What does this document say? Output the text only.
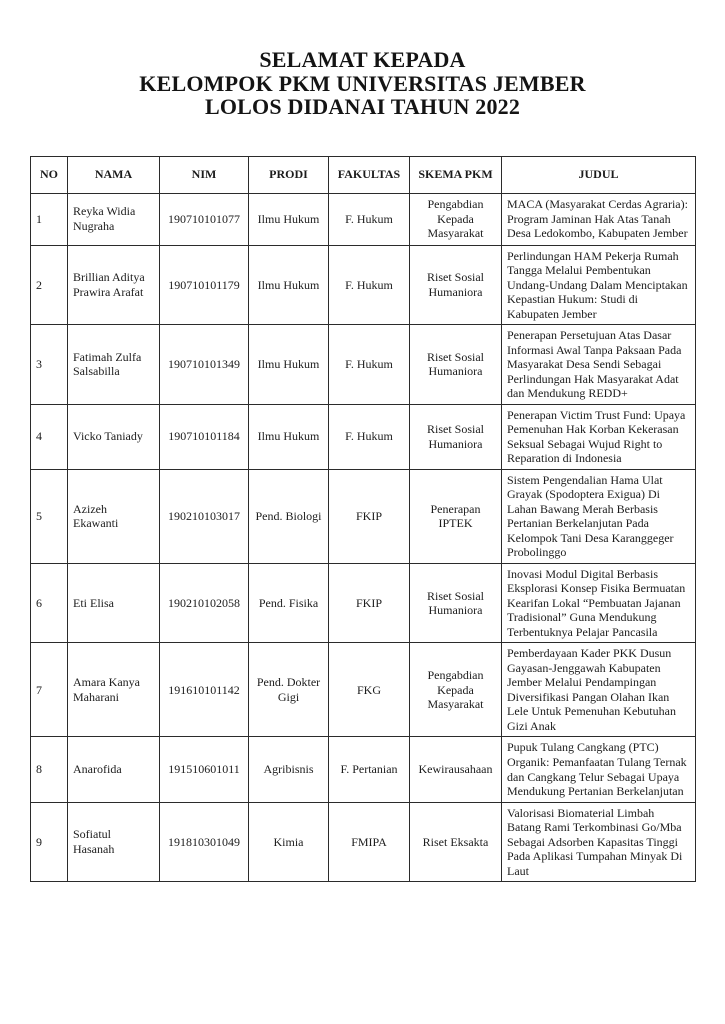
SELAMAT KEPADA
KELOMPOK PKM UNIVERSITAS JEMBER
LOLOS DIDANAI TAHUN 2022
NO	NAMA	NIM	PRODI	FAKULTAS	SKEMA PKM	JUDUL
1	Reyka Widia Nugraha	190710101077	Ilmu Hukum	F. Hukum	Pengabdian Kepada Masyarakat	MACA (Masyarakat Cerdas Agraria): Program Jaminan Hak Atas Tanah Desa Ledokombo, Kabupaten Jember
2	Brillian Aditya Prawira Arafat	190710101179	Ilmu Hukum	F. Hukum	Riset Sosial Humaniora	Perlindungan HAM Pekerja Rumah Tangga Melalui Pembentukan Undang-Undang Dalam Menciptakan Kepastian Hukum: Studi di Kabupaten Jember
3	Fatimah Zulfa Salsabilla	190710101349	Ilmu Hukum	F. Hukum	Riset Sosial Humaniora	Penerapan Persetujuan Atas Dasar Informasi Awal Tanpa Paksaan Pada Masyarakat Desa Sendi Sebagai Perlindungan Hak Masyarakat Adat dan Mendukung REDD+
4	Vicko Taniady	190710101184	Ilmu Hukum	F. Hukum	Riset Sosial Humaniora	Penerapan Victim Trust Fund: Upaya Pemenuhan Hak Korban Kekerasan Seksual Sebagai Wujud Right to Reparation di Indonesia
5	Azizeh Ekawanti	190210103017	Pend. Biologi	FKIP	Penerapan IPTEK	Sistem Pengendalian Hama Ulat Grayak (Spodoptera Exigua) Di Lahan Bawang Merah Berbasis Pertanian Berkelanjutan Pada Kelompok Tani Desa Karanggeger Probolinggo
6	Eti Elisa	190210102058	Pend. Fisika	FKIP	Riset Sosial Humaniora	Inovasi Modul Digital Berbasis Eksplorasi Konsep Fisika Bermuatan Kearifan Lokal “Pembuatan Jajanan Tradisional” Guna Mendukung Terbentuknya Pelajar Pancasila
7	Amara Kanya Maharani	191610101142	Pend. Dokter Gigi	FKG	Pengabdian Kepada Masyarakat	Pemberdayaan Kader PKK Dusun Gayasan-Jenggawah Kabupaten Jember Melalui Pendampingan Diversifikasi Pangan Olahan Ikan Lele Untuk Pemenuhan Kebutuhan Gizi Anak
8	Anarofida	191510601011	Agribisnis	F. Pertanian	Kewirausahaan	Pupuk Tulang Cangkang (PTC) Organik: Pemanfaatan Tulang Ternak dan Cangkang Telur Sebagai Upaya Mendukung Pertanian Berkelanjutan
9	Sofiatul Hasanah	191810301049	Kimia	FMIPA	Riset Eksakta	Valorisasi Biomaterial Limbah Batang Rami Terkombinasi Go/Mba Sebagai Adsorben Kapasitas Tinggi Pada Aplikasi Tumpahan Minyak Di Laut
